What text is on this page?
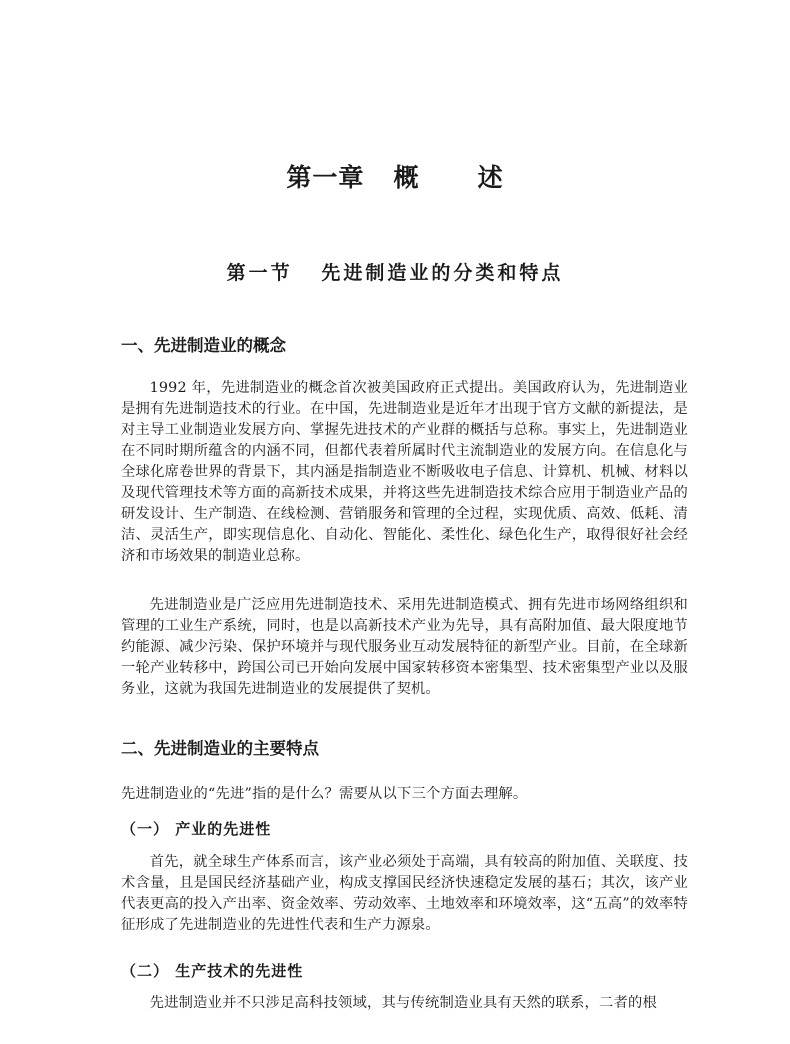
第一章   概      述
第一节   先进制造业的分类和特点
一、先进制造业的概念

1992 年，先进制造业的概念首次被美国政府正式提出。美国政府认为，先进制造业是拥有先进制造技术的行业。在中国，先进制造业是近年才出现于官方文献的新提法，是对主导工业制造业发展方向、掌握先进技术的产业群的概括与总称。事实上，先进制造业在不同时期所蕴含的内涵不同，但都代表着所属时代主流制造业的发展方向。在信息化与全球化席卷世界的背景下，其内涵是指制造业不断吸收电子信息、计算机、机械、材料以及现代管理技术等方面的高新技术成果，并将这些先进制造技术综合应用于制造业产品的研发设计、生产制造、在线检测、营销服务和管理的全过程，实现优质、高效、低耗、清洁、灵活生产，即实现信息化、自动化、智能化、柔性化、绿色化生产，取得很好社会经济和市场效果的制造业总称。

先进制造业是广泛应用先进制造技术、采用先进制造模式、拥有先进市场网络组织和管理的工业生产系统，同时，也是以高新技术产业为先导，具有高附加值、最大限度地节约能源、减少污染、保护环境并与现代服务业互动发展特征的新型产业。目前，在全球新一轮产业转移中，跨国公司已开始向发展中国家转移资本密集型、技术密集型产业以及服务业，这就为我国先进制造业的发展提供了契机。

二、先进制造业的主要特点

先进制造业的“先进”指的是什么？需要从以下三个方面去理解。

（一） 产业的先进性

首先，就全球生产体系而言，该产业必须处于高端，具有较高的附加值、关联度、技术含量，且是国民经济基础产业，构成支撑国民经济快速稳定发展的基石；其次，该产业代表更高的投入产出率、资金效率、劳动效率、土地效率和环境效率，这“五高”的效率特征形成了先进制造业的先进性代表和生产力源泉。

（二） 生产技术的先进性

先进制造业并不只涉足高科技领域，其与传统制造业具有天然的联系，二者的根
